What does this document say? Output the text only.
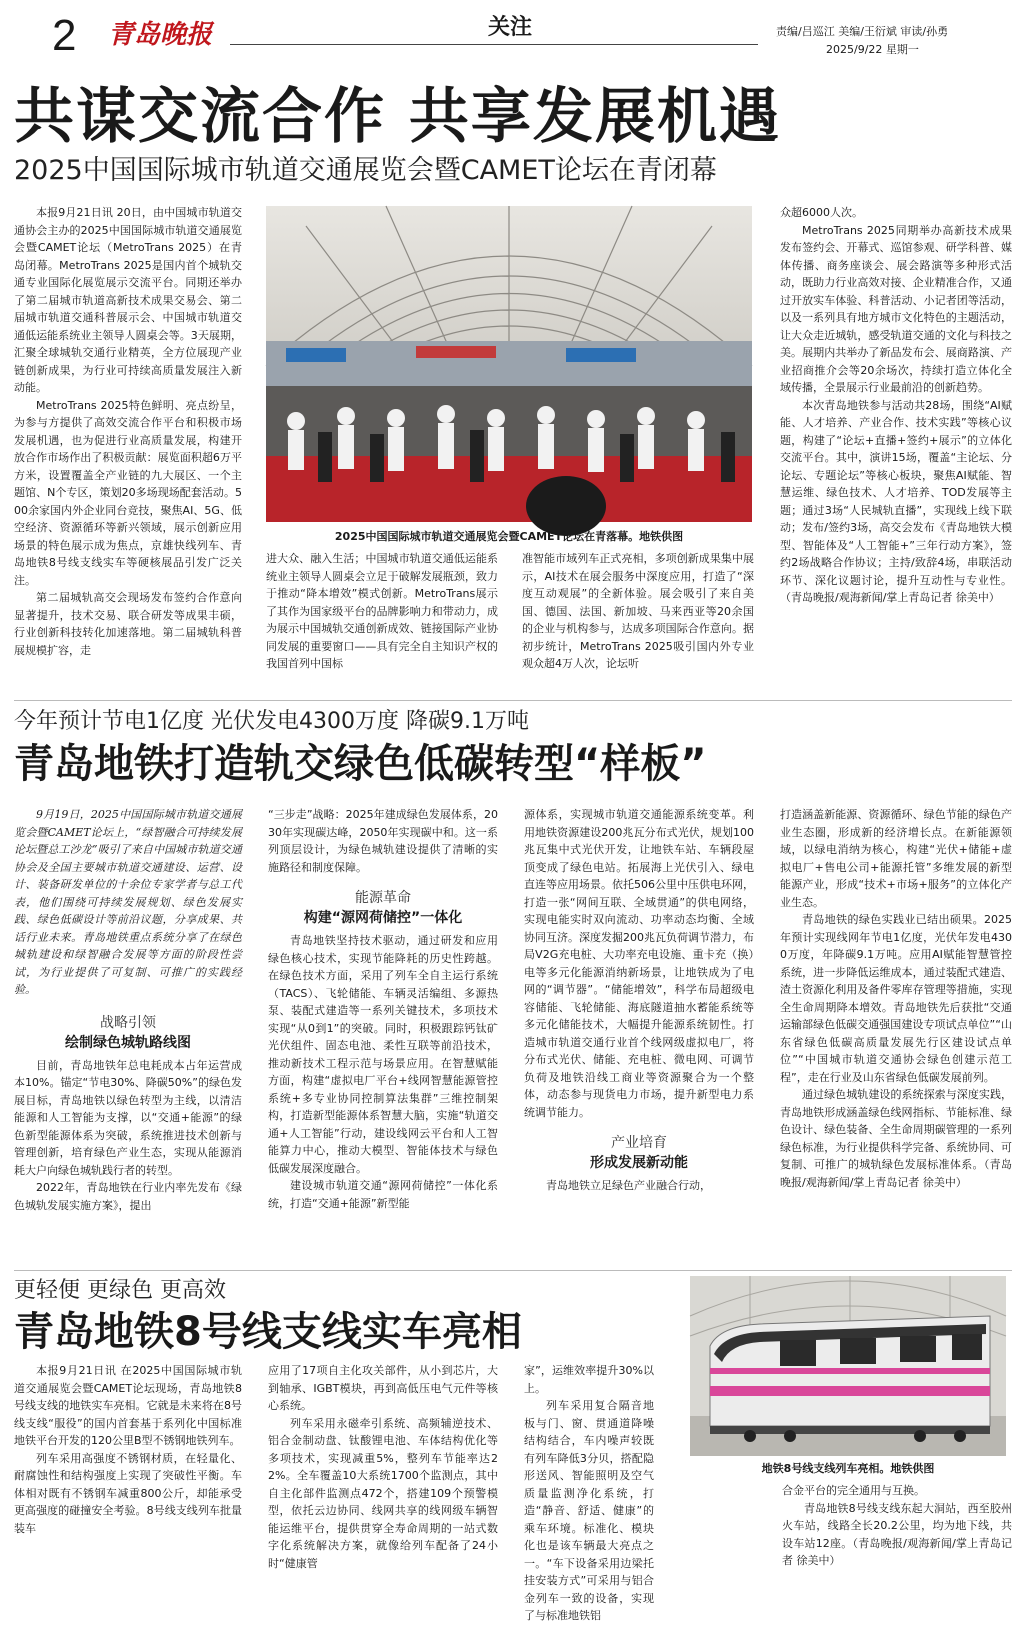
2 青岛晚报	关注	责编/吕巡江 美编/王衍斌 审读/孙勇
2025/9/22 星期一
共谋交流合作 共享发展机遇
2025中国国际城市轨道交通展览会暨CAMET论坛在青闭幕

本报9月21日讯 20日，由中国城市轨道交通协会主办的2025中国国际城市轨道交通展览会暨CAMET论坛（MetroTrans 2025）在青岛闭幕。MetroTrans 2025是国内首个城轨交通专业国际化展览展示交流平台。同期还举办了第二届城市轨道高新技术成果交易会、第二届城市轨道交通科普展示会、中国城市轨道交通低运能系统业主领导人圆桌会等。3天展期，汇聚全球城轨交通行业精英，全方位展现产业链创新成果，为行业可持续高质量发展注入新动能。

MetroTrans 2025特色鲜明、亮点纷呈，为参与方提供了高效交流合作平台和积极市场发展机遇，也为促进行业高质量发展，构建开放合作市场作出了积极贡献：展览面积超6万平方米，设置覆盖全产业链的九大展区、一个主题馆、N个专区，策划20多场现场配套活动。500余家国内外企业同台竞技，聚焦AI、5G、低空经济、资源循环等新兴领域，展示创新应用场景的特色展示成为焦点，京雄快线列车、青岛地铁8号线支线实车等硬核展品引发广泛关注。

第二届城轨高交会现场发布签约合作意向显著提升，技术交易、联合研发等成果丰硕，行业创新科技转化加速落地。第二届城轨科普展规模扩容，走

2025中国国际城市轨道交通展览会暨CAMET论坛在青落幕。地铁供图

进大众、融入生活；中国城市轨道交通低运能系统业主领导人圆桌会立足于破解发展瓶颈，致力于推动“降本增效”模式创新。MetroTrans展示了其作为国家级平台的品牌影响力和带动力，成为展示中国城轨交通创新成效、链接国际产业协同发展的重要窗口——具有完全自主知识产权的我国首列中国标

准智能市域列车正式亮相，多项创新成果集中展示，AI技术在展会服务中深度应用，打造了“深度互动观展”的全新体验。展会吸引了来自美国、德国、法国、新加坡、马来西亚等20余国的企业与机构参与，达成多项国际合作意向。据初步统计，MetroTrans 2025吸引国内外专业观众超4万人次，论坛听

众超6000人次。

MetroTrans 2025同期举办高新技术成果发布签约会、开幕式、巡馆参观、研学科普、媒体传播、商务座谈会、展会路演等多种形式活动，既助力行业高效对接、企业精准合作，又通过开放实车体验、科普活动、小记者团等活动，以及一系列具有地方城市文化特色的主题活动，让大众走近城轨，感受轨道交通的文化与科技之美。展期内共举办了新品发布会、展商路演、产业招商推介会等20余场次，持续打造立体化全域传播，全景展示行业最前沿的创新趋势。

本次青岛地铁参与活动共28场，围绕“AI赋能、人才培养、产业合作、技术实践”等核心议题，构建了“论坛+直播+签约+展示”的立体化交流平台。其中，演讲15场，覆盖“主论坛、分论坛、专题论坛”等核心板块，聚焦AI赋能、智慧运维、绿色技术、人才培养、TOD发展等主题；通过3场“人民城轨直播”，实现线上线下联动；发布/签约3场，高交会发布《青岛地铁大模型、智能体及“人工智能+”三年行动方案》，签约2场战略合作协议；主持/致辞4场，串联活动环节、深化议题讨论，提升互动性与专业性。（青岛晚报/观海新闻/掌上青岛记者 徐美中）

今年预计节电1亿度 光伏发电4300万度 降碳9.1万吨
青岛地铁打造轨交绿色低碳转型“样板”

9月19日，2025中国国际城市轨道交通展览会暨CAMET论坛上，“绿智融合可持续发展论坛暨总工沙龙”吸引了来自中国城市轨道交通协会及全国主要城市轨道交通建设、运营、设计、装备研发单位的十余位专家学者与总工代表，他们围绕可持续发展规划、绿色发展实践、绿色低碳设计等前沿议题，分享成果、共话行业未来。青岛地铁重点系统分享了在绿色城轨建设和绿智融合发展等方面的阶段性尝试，为行业提供了可复制、可推广的实践经验。

战略引领
绘制绿色城轨路线图

目前，青岛地铁年总电耗成本占年运营成本10%。锚定“节电30%、降碳50%”的绿色发展目标，青岛地铁以绿色转型为主线，以清洁能源和人工智能为支撑，以“交通+能源”的绿色新型能源体系为突破，系统推进技术创新与管理创新，培育绿色产业生态，实现从能源消耗大户向绿色城轨践行者的转型。

2022年，青岛地铁在行业内率先发布《绿色城轨发展实施方案》，提出

“三步走”战略：2025年建成绿色发展体系，2030年实现碳达峰，2050年实现碳中和。这一系列顶层设计，为绿色城轨建设提供了清晰的实施路径和制度保障。

能源革命
构建“源网荷储控”一体化

青岛地铁坚持技术驱动，通过研发和应用绿色核心技术，实现节能降耗的历史性跨越。在绿色技术方面，采用了列车全自主运行系统（TACS）、飞轮储能、车辆灵活编组、多源热泵、装配式建造等一系列关键技术，多项技术实现“从0到1”的突破。同时，积极跟踪钙钛矿光伏组件、固态电池、柔性互联等前沿技术，推动新技术工程示范与场景应用。在智慧赋能方面，构建“虚拟电厂平台+线网智慧能源管控系统+多专业协同控制算法集群”三维控制架构，打造新型能源体系智慧大脑，实施“轨道交通+人工智能”行动，建设线网云平台和人工智能算力中心，推动大模型、智能体技术与绿色低碳发展深度融合。

建设城市轨道交通“源网荷储控”一体化系统，打造“交通+能源”新型能

源体系，实现城市轨道交通能源系统变革。利用地铁资源建设200兆瓦分布式光伏，规划100兆瓦集中式光伏开发，让地铁车站、车辆段屋顶变成了绿色电站。拓展海上光伏引入、绿电直连等应用场景。依托506公里中压供电环网，打造一张“网间互联、全域贯通”的供电网络，实现电能实时双向流动、功率动态均衡、全域协同互济。深度发掘200兆瓦负荷调节潜力，布局V2G充电桩、大功率充电设施、重卡充（换）电等多元化能源消纳新场景，让地铁成为了电网的“调节器”。“储能增效”，科学布局超级电容储能、飞轮储能、海底隧道抽水蓄能系统等多元化储能技术，大幅提升能源系统韧性。打造城市轨道交通行业首个线网级虚拟电厂，将分布式光伏、储能、充电桩、微电网、可调节负荷及地铁沿线工商业等资源聚合为一个整体，动态参与现货电力市场，提升新型电力系统调节能力。

产业培育
形成发展新动能

青岛地铁立足绿色产业融合行动，

打造涵盖新能源、资源循环、绿色节能的绿色产业生态圈，形成新的经济增长点。在新能源领域，以绿电消纳为核心，构建“光伏+储能+虚拟电厂+售电公司+能源托管”多维发展的新型能源产业，形成“技术+市场+服务”的立体化产业生态。

青岛地铁的绿色实践业已结出硕果。2025年预计实现线网年节电1亿度，光伏年发电4300万度，年降碳9.1万吨。应用AI赋能智慧管控系统，进一步降低运维成本，通过装配式建造、渣土资源化利用及备件零库存管理等措施，实现全生命周期降本增效。青岛地铁先后获批“交通运输部绿色低碳交通强国建设专项试点单位”“山东省绿色低碳高质量发展先行区建设试点单位”“中国城市轨道交通协会绿色创建示范工程”，走在行业及山东省绿色低碳发展前列。

通过绿色城轨建设的系统探索与深度实践，青岛地铁形成涵盖绿色线网指标、节能标准、绿色设计、绿色装备、全生命周期碳管理的一系列绿色标准，为行业提供科学完备、系统协同、可复制、可推广的城轨绿色发展标准体系。（青岛晚报/观海新闻/掌上青岛记者 徐美中）

更轻便 更绿色 更高效
青岛地铁8号线支线实车亮相
地铁8号线支线列车亮相。地铁供图

本报9月21日讯 在2025中国国际城市轨道交通展览会暨CAMET论坛现场，青岛地铁8号线支线的地铁实车亮相。它就是未来将在8号线支线“服役”的国内首套基于系列化中国标准地铁平台开发的120公里B型不锈钢地铁列车。

列车采用高强度不锈钢材质，在轻量化、耐腐蚀性和结构强度上实现了突破性平衡。车体相对既有不锈钢车减重800公斤，却能承受更高强度的碰撞安全考验。8号线支线列车批量装车

应用了17项自主化攻关部件，从小到芯片，大到轴承、IGBT模块，再到高低压电气元件等核心系统。

列车采用永磁牵引系统、高频辅逆技术、铝合金制动盘、钛酸锂电池、车体结构优化等多项技术，实现减重5%，整列车节能率达22%。全车覆盖10大系统1700个监测点，其中自主化部件监测点472个，搭建109个预警模型，依托云边协同、线网共享的线网级车辆智能运维平台，提供贯穿全寿命周期的一站式数字化系统解决方案，就像给列车配备了24小时“健康管

家”，运维效率提升30%以上。

列车采用复合隔音地板与门、窗、贯通道降噪结构结合，车内噪声较既有列车降低3分贝，搭配隐形送风、智能照明及空气质量监测净化系统，打造“静音、舒适、健康”的乘车环境。标准化、模块化也是该车辆最大亮点之一。“车下设备采用边梁托挂安装方式”可采用与铝合金列车一致的设备，实现了与标准地铁铝

合金平台的完全通用与互换。

青岛地铁8号线支线东起大洞站，西至胶州火车站，线路全长20.2公里，均为地下线，共设车站12座。（青岛晚报/观海新闻/掌上青岛记者 徐美中）
